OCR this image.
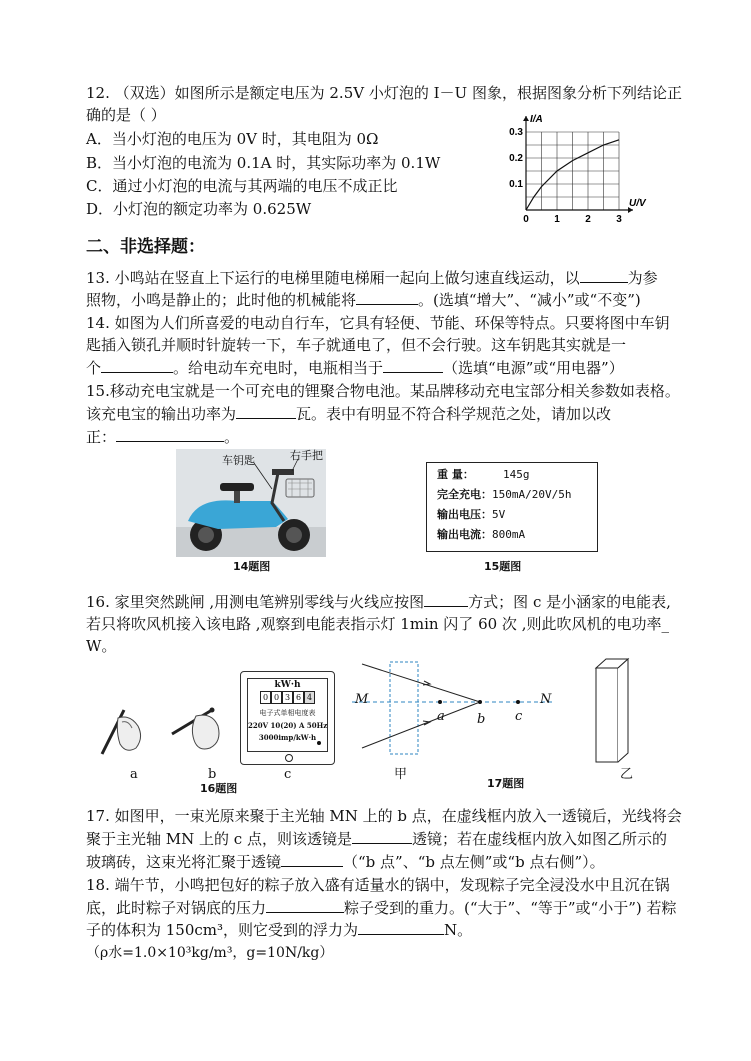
12. （双选）如图所示是额定电压为 2.5V 小灯泡的 I－U 图象，根据图象分析下列结论正
确的是（ ）
A．当小灯泡的电压为 0V 时，其电阻为 0Ω
B．当小灯泡的电流为 0.1A 时，其实际功率为 0.1W
C．通过小灯泡的电流与其两端的电压不成正比
D．小灯泡的额定功率为 0.625W
0	1	2	3
0.1
0.2
0.3
I/A
U/V
二、非选择题：
13. 小鸣站在竖直上下运行的电梯里随电梯厢一起向上做匀速直线运动，以	为参
照物，小鸣是静止的；此时他的机械能将	。(选填“增大”、“减小”或“不变”)
14. 如图为人们所喜爱的电动自行车，它具有轻便、节能、环保等特点。只要将图中车钥
匙插入锁孔并顺时针旋转一下，车子就通电了，但不会行驶。这车钥匙其实就是一
个	。给电动车充电时，电瓶相当于	（选填“电源”或“用电器”）
15.移动充电宝就是一个可充电的锂聚合物电池。某品牌移动充电宝部分相关参数如表格。
该充电宝的输出功率为	瓦。表中有明显不符合科学规范之处，请加以改
正：	。
车钥匙	右手把
14题图
重 量：	145g
完全充电：150mA/20V/5h
输出电压：5V
输出电流：800mA
15题图
16. 家里突然跳闸 ,用测电笔辨别零线与火线应按图	方式；图 c 是小涵家的电能表,
若只将吹风机接入该电路 ,观察到电能表指示灯 1min 闪了 60 次 ,则此吹风机的电功率_
W。
a	b
kW·h
0 0 3 6 4
电子式单相电度表
220V 10(20) A 50Hz
3000imp/kW·h
c
16题图
M	N
a b c
甲
17题图
乙
17. 如图甲，一束光原来聚于主光轴 MN 上的 b 点，在虚线框内放入一透镜后，光线将会
聚于主光轴 MN 上的 c 点，则该透镜是	透镜；若在虚线框内放入如图乙所示的
玻璃砖，这束光将汇聚于透镜	（“b 点”、“b 点左侧”或“b 点右侧”）。
18. 端午节，小鸣把包好的粽子放入盛有适量水的锅中，发现粽子完全浸没水中且沉在锅
底，此时粽子对锅底的压力	粽子受到的重力。(“大于”、“等于”或“小于”) 若粽
子的体积为 150cm³，则它受到的浮力为	N。
（ρ水=1.0×10³kg/m³，g=10N/kg）
